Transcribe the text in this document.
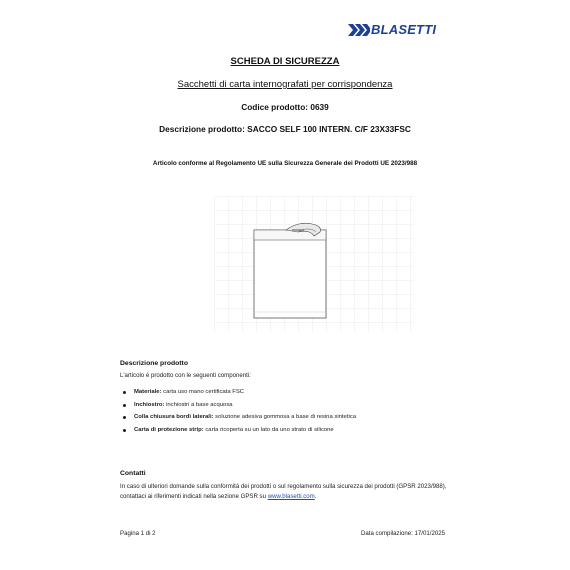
BLASETTI
SCHEDA DI SICUREZZA
Sacchetti di carta internografati per corrispondenza
Codice prodotto: 0639
Descrizione prodotto: SACCO SELF 100 INTERN. C/F 23X33FSC
Articolo conforme al Regolamento UE sulla Sicurezza Generale dei Prodotti UE 2023/988
Descrizione prodotto
L'articolo è prodotto con le seguenti componenti:
Materiale: carta uso mano certificata FSC
Inchiostro: inchiostri a base acquosa
Colla chiusura bordi laterali: soluzione adesiva gommosa a base di resina sintetica
Carta di protezione strip: carta ricoperta su un lato da uno strato di silicone
Contatti
In caso di ulteriori domande sulla conformità dei prodotti o sul regolamento sulla sicurezza dei prodotti (GPSR 2023/988), contattaci ai riferimenti indicati nella sezione GPSR su www.blasetti.com.
Pagina 1 di 2	Data compilazione: 17/01/2025
